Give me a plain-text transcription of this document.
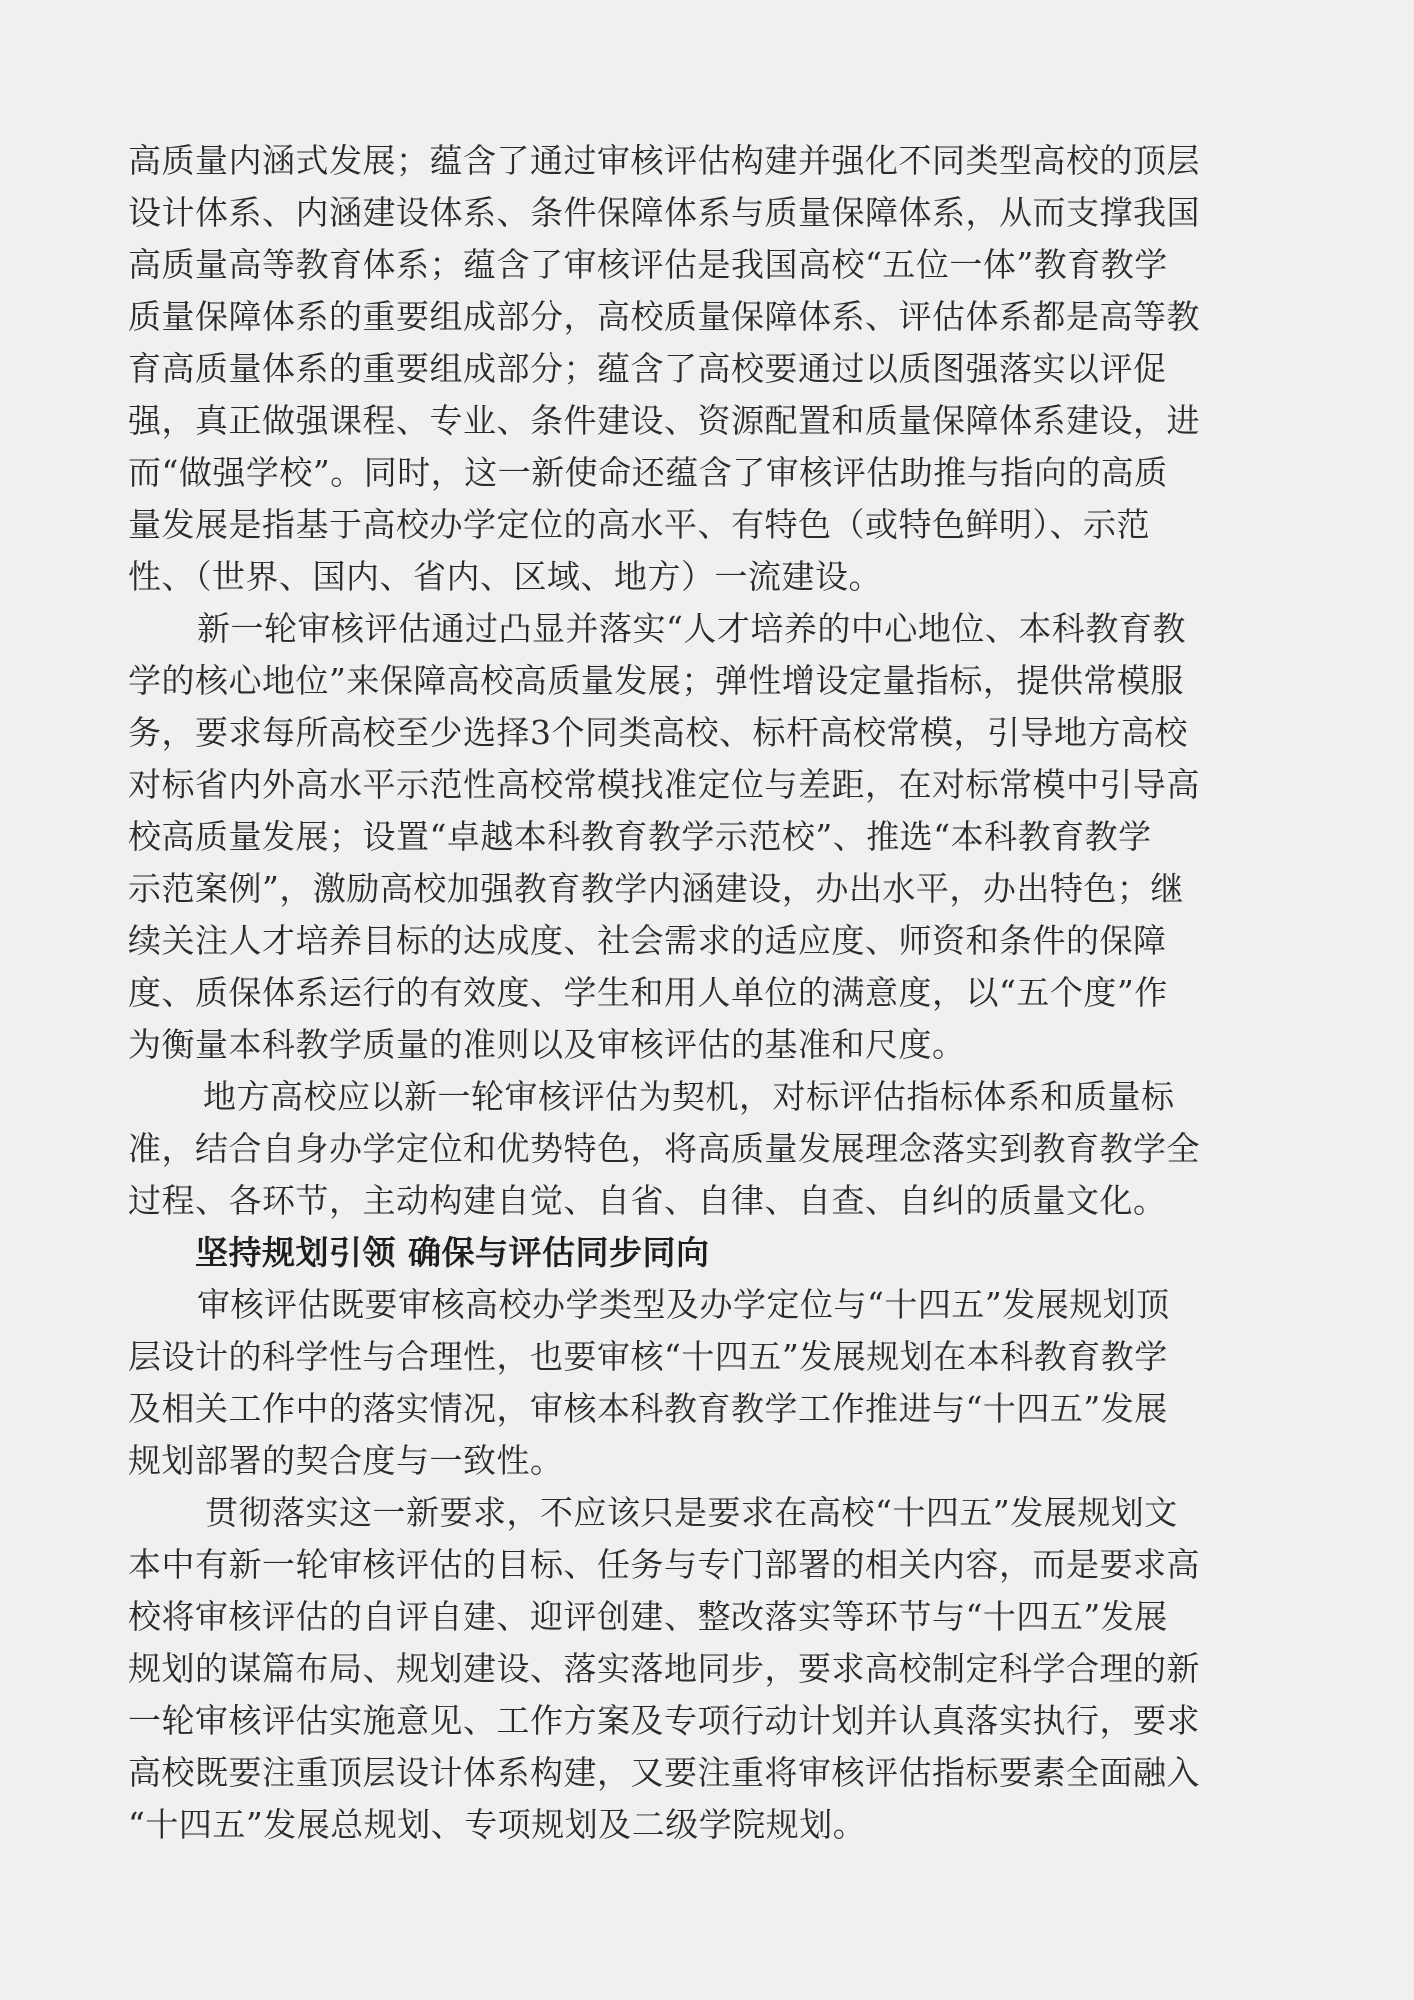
高质量内涵式发展；蕴含了通过审核评估构建并强化不同类型高校的顶层
设计体系、内涵建设体系、条件保障体系与质量保障体系，从而支撑我国
高质量高等教育体系；蕴含了审核评估是我国高校“五位一体”教育教学
质量保障体系的重要组成部分，高校质量保障体系、评估体系都是高等教
育高质量体系的重要组成部分；蕴含了高校要通过以质图强落实以评促
强，真正做强课程、专业、条件建设、资源配置和质量保障体系建设，进
而“做强学校”。同时，这一新使命还蕴含了审核评估助推与指向的高质
量发展是指基于高校办学定位的高水平、有特色（或特色鲜明）、示范
性、（世界、国内、省内、区域、地方）一流建设。
新一轮审核评估通过凸显并落实“人才培养的中心地位、本科教育教
学的核心地位”来保障高校高质量发展；弹性增设定量指标，提供常模服
务，要求每所高校至少选择3个同类高校、标杆高校常模，引导地方高校
对标省内外高水平示范性高校常模找准定位与差距，在对标常模中引导高
校高质量发展；设置“卓越本科教育教学示范校”、推选“本科教育教学
示范案例”，激励高校加强教育教学内涵建设，办出水平，办出特色；继
续关注人才培养目标的达成度、社会需求的适应度、师资和条件的保障
度、质保体系运行的有效度、学生和用人单位的满意度，以“五个度”作
为衡量本科教学质量的准则以及审核评估的基准和尺度。
地方高校应以新一轮审核评估为契机，对标评估指标体系和质量标
准，结合自身办学定位和优势特色，将高质量发展理念落实到教育教学全
过程、各环节，主动构建自觉、自省、自律、自查、自纠的质量文化。
坚持规划引领 确保与评估同步同向
审核评估既要审核高校办学类型及办学定位与“十四五”发展规划顶
层设计的科学性与合理性，也要审核“十四五”发展规划在本科教育教学
及相关工作中的落实情况，审核本科教育教学工作推进与“十四五”发展
规划部署的契合度与一致性。
贯彻落实这一新要求，不应该只是要求在高校“十四五”发展规划文
本中有新一轮审核评估的目标、任务与专门部署的相关内容，而是要求高
校将审核评估的自评自建、迎评创建、整改落实等环节与“十四五”发展
规划的谋篇布局、规划建设、落实落地同步，要求高校制定科学合理的新
一轮审核评估实施意见、工作方案及专项行动计划并认真落实执行，要求
高校既要注重顶层设计体系构建，又要注重将审核评估指标要素全面融入
“十四五”发展总规划、专项规划及二级学院规划。
